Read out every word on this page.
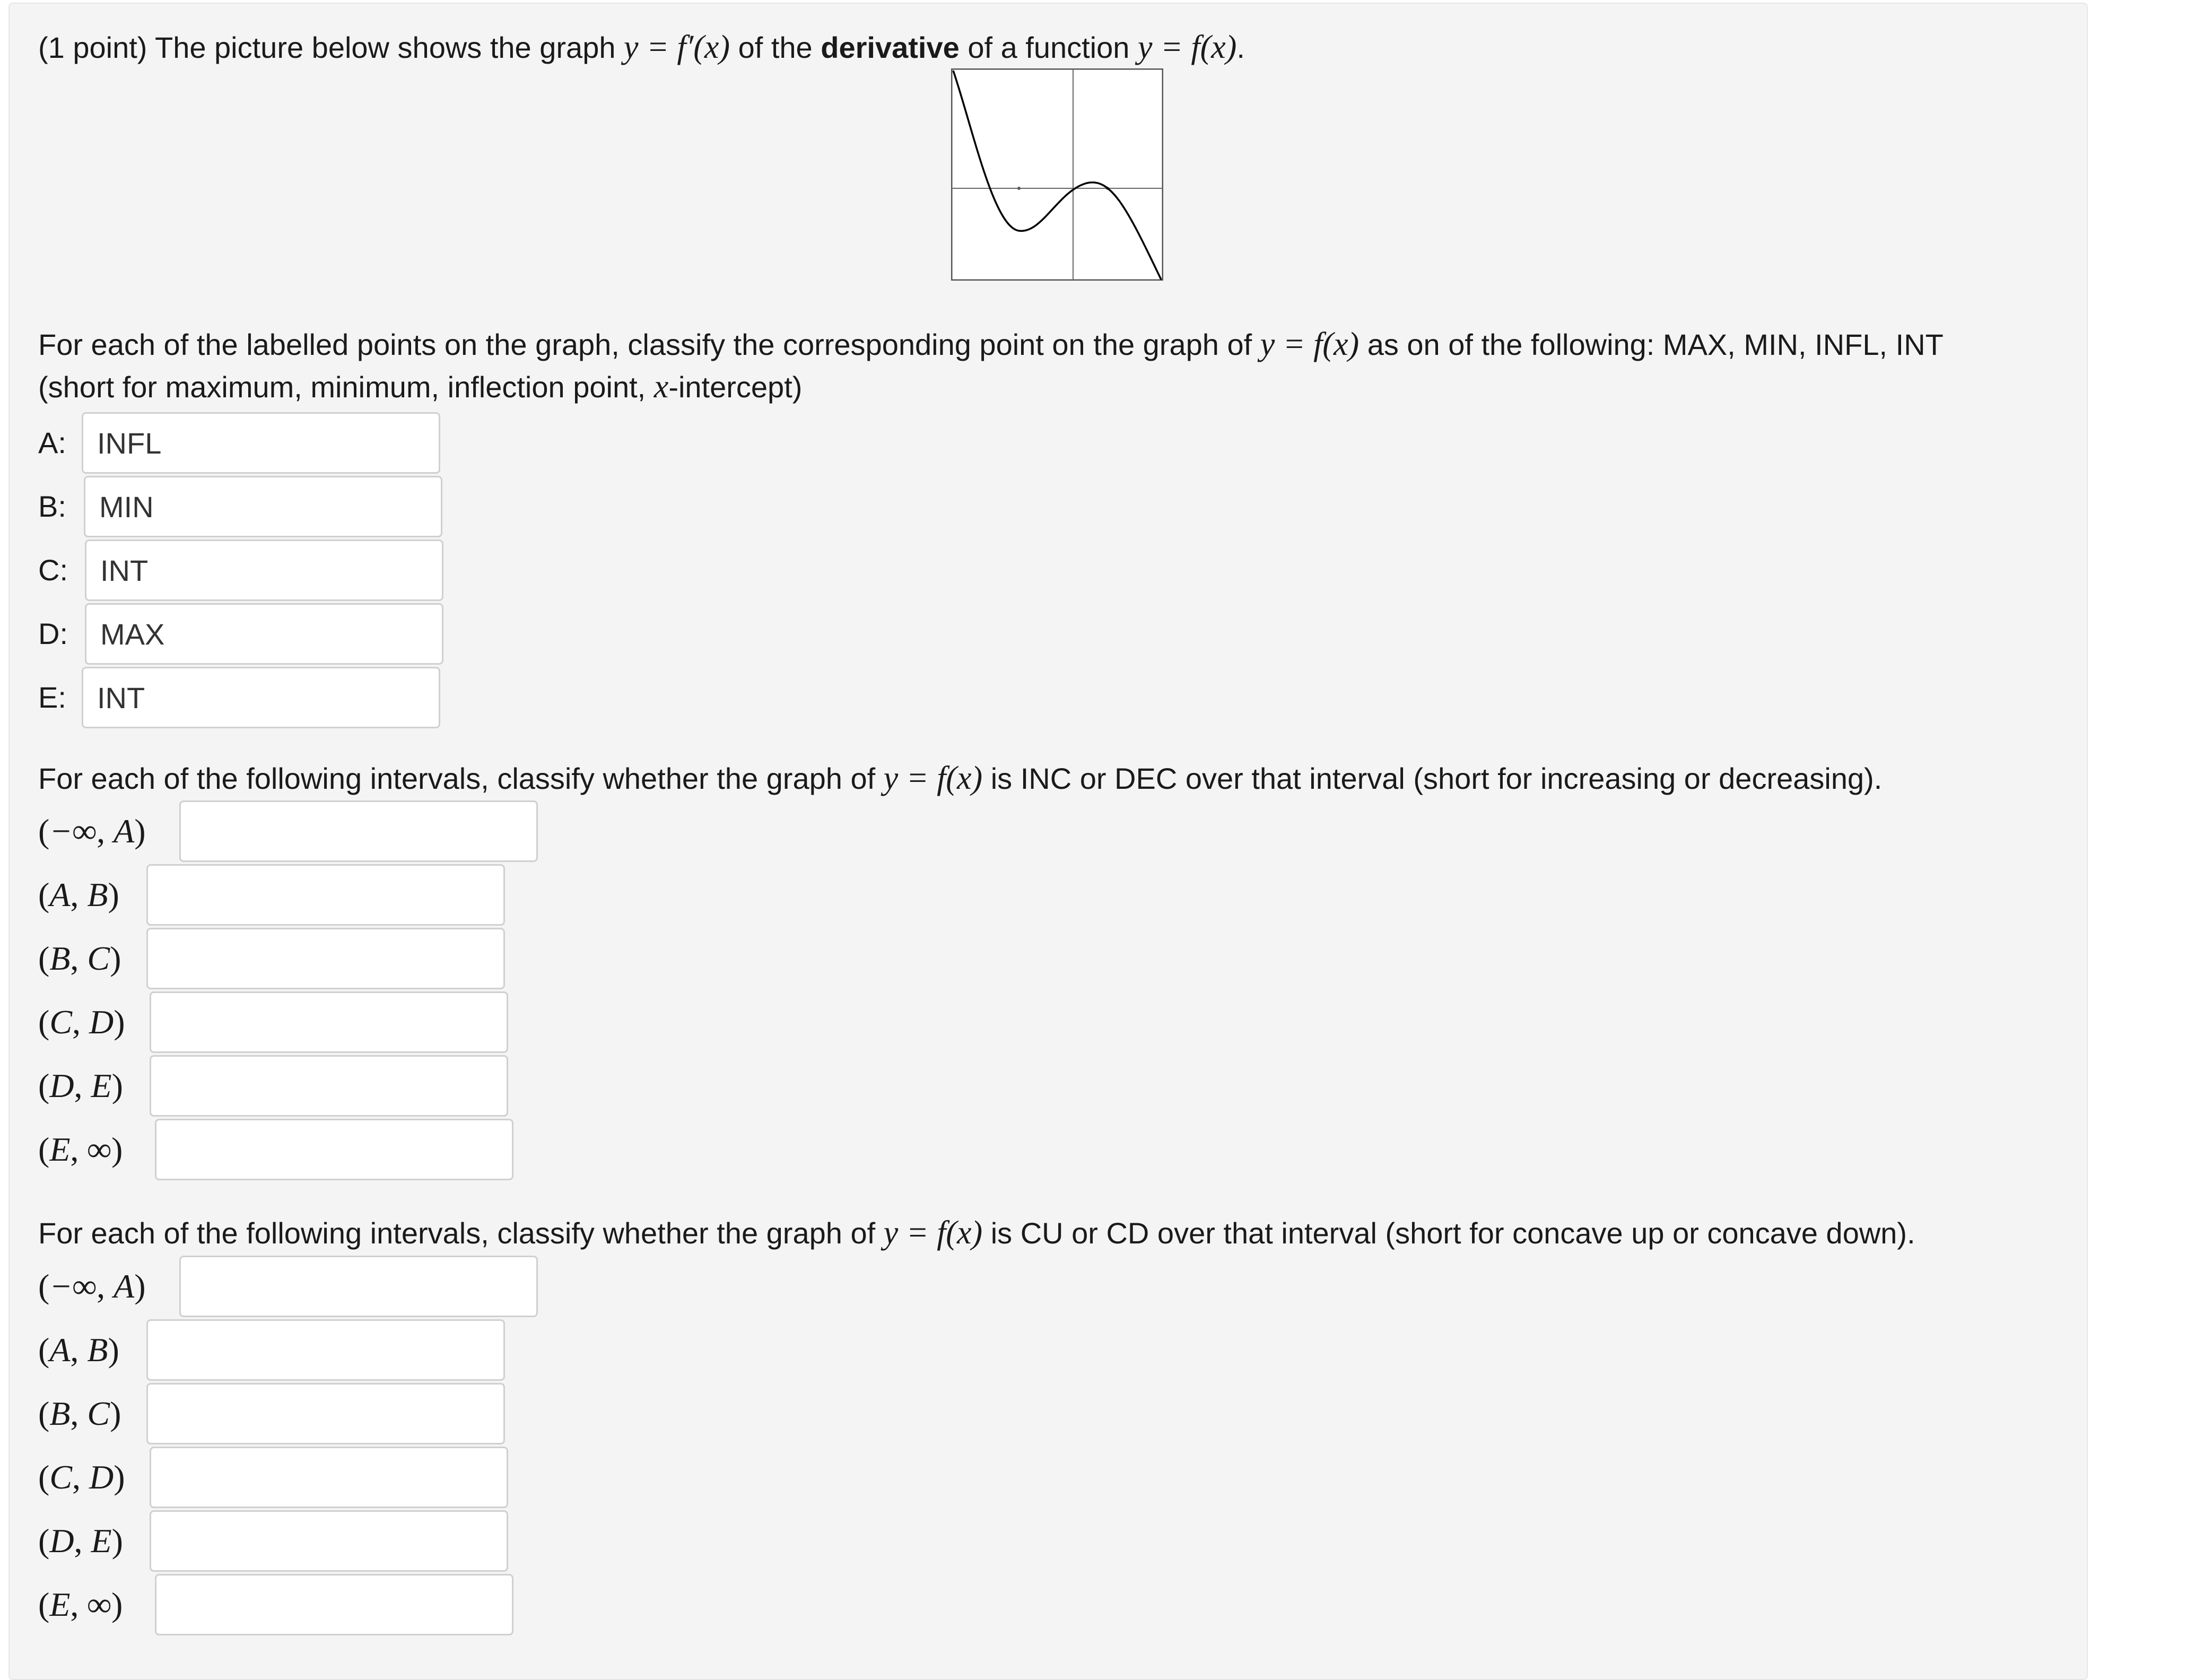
(1 point) The picture below shows the graph y = f′(x) of the derivative of a function y = f(x).
For each of the labelled points on the graph, classify the corresponding point on the graph of y = f(x) as on of the following: MAX, MIN, INFL, INT
(short for maximum, minimum, inflection point, x-intercept)
A:
INFL
B:
MIN
C:
INT
D:
MAX
E:
INT
For each of the following intervals, classify whether the graph of y = f(x) is INC or DEC over that interval (short for increasing or decreasing).
(−∞, A)
(A, B)
(B, C)
(C, D)
(D, E)
(E, ∞)
For each of the following intervals, classify whether the graph of y = f(x) is CU or CD over that interval (short for concave up or concave down).
(−∞, A)
(A, B)
(B, C)
(C, D)
(D, E)
(E, ∞)
